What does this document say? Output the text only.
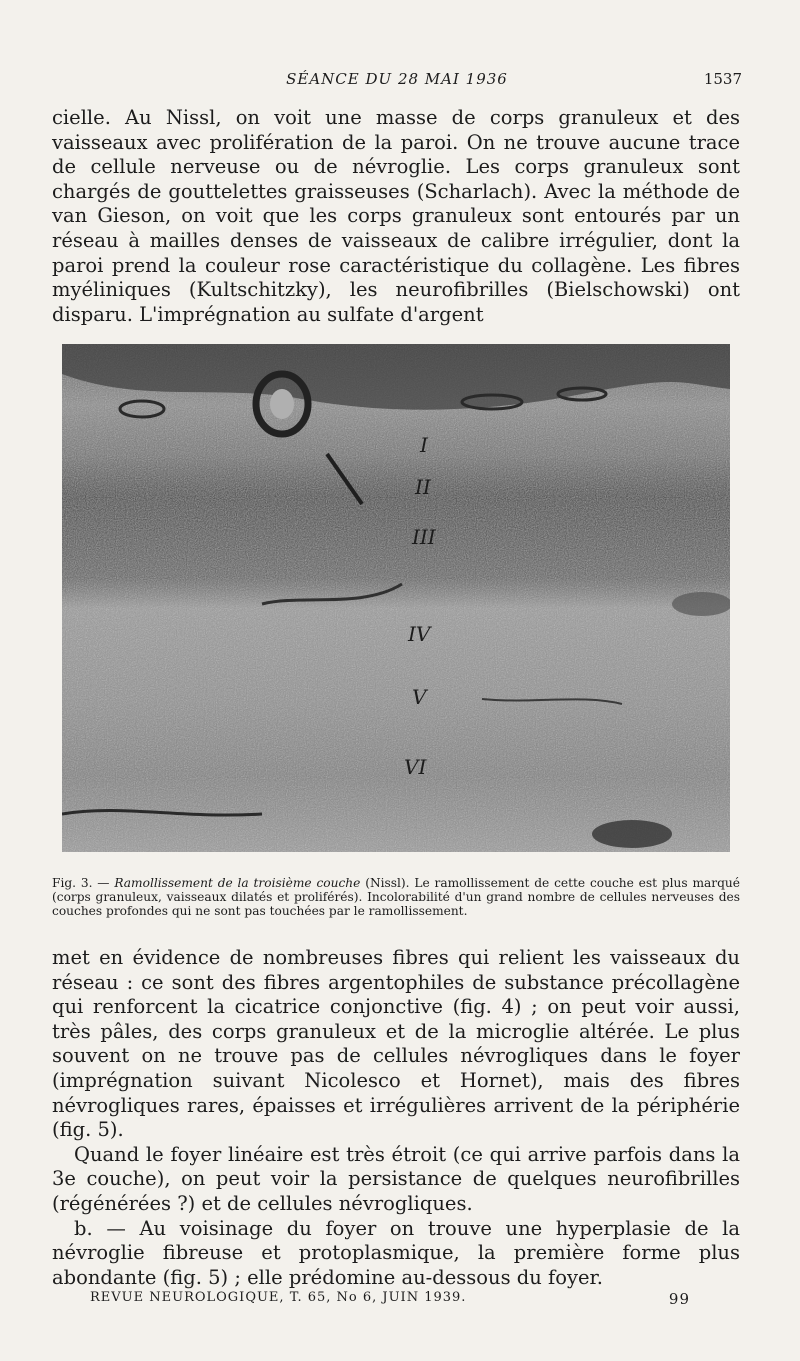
SÉANCE DU 28 MAI 1936	1537

cielle. Au Nissl, on voit une masse de corps granuleux et des vaisseaux avec prolifération de la paroi. On ne trouve aucune trace de cellule nerveuse ou de névroglie. Les corps granuleux sont chargés de gouttelettes graisseuses (Scharlach). Avec la méthode de van Gieson, on voit que les corps granuleux sont entourés par un réseau à mailles denses de vaisseaux de calibre irrégulier, dont la paroi prend la couleur rose caractéristique du collagène. Les fibres myéliniques (Kultschitzky), les neurofibrilles (Bielschowski) ont disparu. L'imprégnation au sulfate d'argent

I
II
III
IV
V
VI

Fig. 3. — Ramollissement de la troisième couche (Nissl). Le ramollissement de cette couche est plus marqué (corps granuleux, vaisseaux dilatés et proliférés). Incolorabilité d'un grand nombre de cellules nerveuses des couches profondes qui ne sont pas touchées par le ramollissement.

met en évidence de nombreuses fibres qui relient les vaisseaux du réseau : ce sont des fibres argentophiles de substance précollagène qui renforcent la cicatrice conjonctive (fig. 4) ; on peut voir aussi, très pâles, des corps granuleux et de la microglie altérée. Le plus souvent on ne trouve pas de cellules névrogliques dans le foyer (imprégnation suivant Nicolesco et Hornet), mais des fibres névrogliques rares, épaisses et irrégulières arrivent de la périphérie (fig. 5).

Quand le foyer linéaire est très étroit (ce qui arrive parfois dans la 3e couche), on peut voir la persistance de quelques neurofibrilles (régénérées ?) et de cellules névrogliques.

b. — Au voisinage du foyer on trouve une hyperplasie de la névroglie fibreuse et protoplasmique, la première forme plus abondante (fig. 5) ; elle prédomine au-dessous du foyer.

REVUE NEUROLOGIQUE, T. 65, No 6, JUIN 1939.	99
